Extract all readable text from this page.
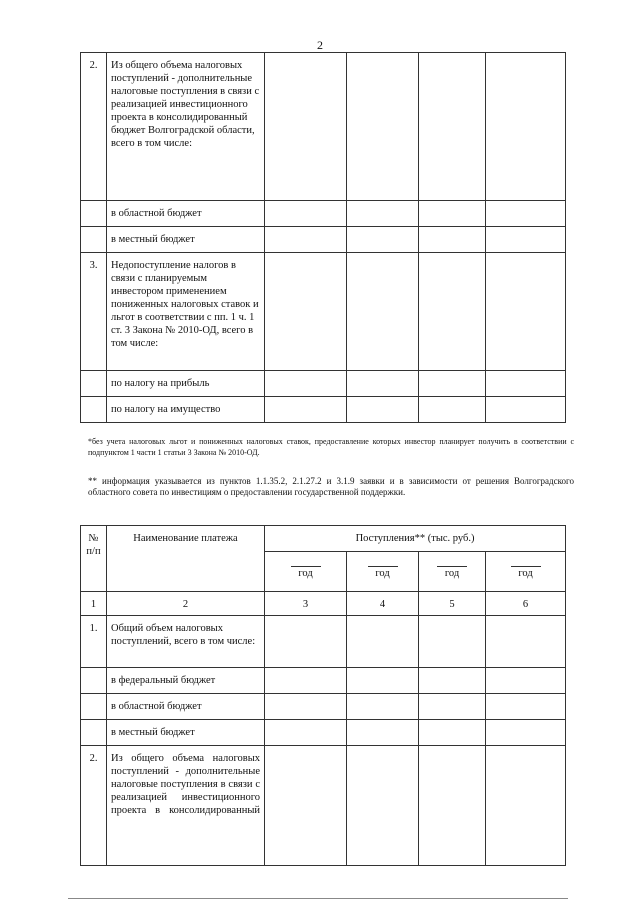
2
2.	Из общего объема налоговых поступлений - дополнительные налоговые поступления в связи с реализацией инвестиционного проекта в консолидированный бюджет Волгоградской области, всего в том числе:				
	в областной бюджет				
	в местный бюджет				
3.	Недопоступление налогов в связи с планируемым инвестором применением пониженных налоговых ставок и льгот в соответствии с пп. 1 ч. 1 ст. 3 Закона № 2010-ОД, всего в том числе:				
	по налогу на прибыль				
	по налогу на имущество				
*без учета налоговых льгот и пониженных налоговых ставок, предоставление которых инвестор планирует получить в соответствии с подпунктом 1 части 1 статьи 3 Закона № 2010-ОД.
** информация указывается из пунктов 1.1.35.2, 2.1.27.2 и 3.1.9 заявки и в зависимости от решения Волгоградского областного совета по инвестициям о предоставлении государственной поддержки.
№ п/п	Наименование платежа	Поступления** (тыс. руб.)			

год	год	год	год
1	2	3	4	5	6
1.	Общий объем налоговых поступлений, всего в том числе:				
	в федеральный бюджет				
	в областной бюджет				
	в местный бюджет				
2.	Из общего объема налоговых поступлений - дополнительные налоговые поступления в связи с реализацией инвестиционного проекта в консолидированный				
